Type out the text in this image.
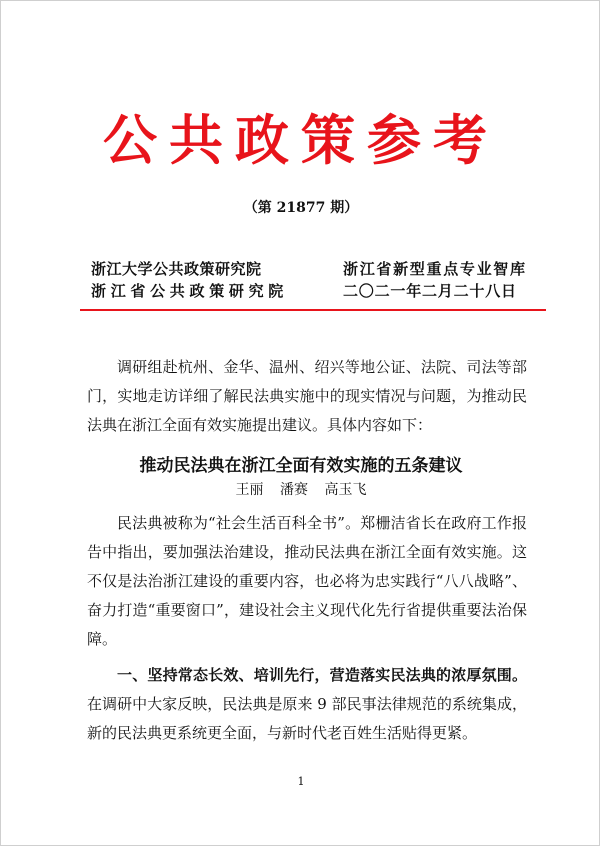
公共政策参考
（第 21877 期）
浙江大学公共政策研究院
浙江省公共政策研究院
浙江省新型重点专业智库
二〇二一年二月二十八日

调研组赴杭州、金华、温州、绍兴等地公证、法院、司法等部门，实地走访详细了解民法典实施中的现实情况与问题，为推动民法典在浙江全面有效实施提出建议。具体内容如下：

推动民法典在浙江全面有效实施的五条建议
王丽 潘赛 高玉飞

民法典被称为“社会生活百科全书”。郑栅洁省长在政府工作报告中指出，要加强法治建设，推动民法典在浙江全面有效实施。这不仅是法治浙江建设的重要内容，也必将为忠实践行“八八战略”、奋力打造“重要窗口”，建设社会主义现代化先行省提供重要法治保障。

一、坚持常态长效、培训先行，营造落实民法典的浓厚氛围。在调研中大家反映，民法典是原来 9 部民事法律规范的系统集成，新的民法典更系统更全面，与新时代老百姓生活贴得更紧。

1
